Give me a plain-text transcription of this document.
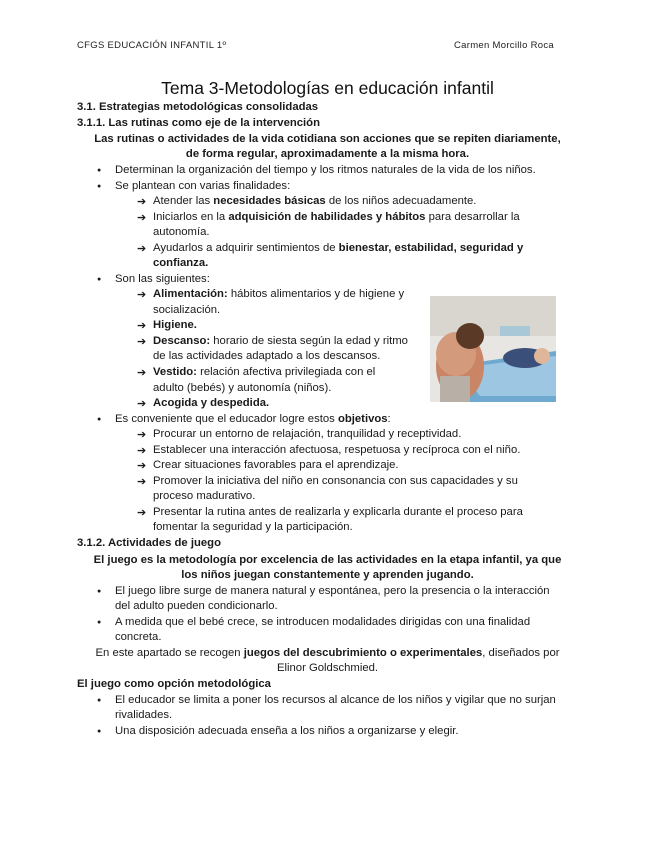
CFGS EDUCACIÓN INFANTIL 1º	Carmen Morcillo Roca
Tema 3-Metodologías en educación infantil
3.1. Estrategias metodológicas consolidadas
3.1.1. Las rutinas como eje de la intervención
Las rutinas o actividades de la vida cotidiana son acciones que se repiten diariamente,
de forma regular, aproximadamente a la misma hora.
● Determinan la organización del tiempo y los ritmos naturales de la vida de los niños.
● Se plantean con varias finalidades:
➔ Atender las necesidades básicas de los niños adecuadamente.
➔ Iniciarlos en la adquisición de habilidades y hábitos para desarrollar la
autonomía.
➔ Ayudarlos a adquirir sentimientos de bienestar, estabilidad, seguridad y
confianza.
● Son las siguientes:
➔ Alimentación: hábitos alimentarios y de higiene y
socialización.
➔ Higiene.
➔ Descanso: horario de siesta según la edad y ritmo
de las actividades adaptado a los descansos.
➔ Vestido: relación afectiva privilegiada con el
adulto (bebés) y autonomía (niños).
➔ Acogida y despedida.
● Es conveniente que el educador logre estos objetivos:
➔ Procurar un entorno de relajación, tranquilidad y receptividad.
➔ Establecer una interacción afectuosa, respetuosa y recíproca con el niño.
➔ Crear situaciones favorables para el aprendizaje.
➔ Promover la iniciativa del niño en consonancia con sus capacidades y su
proceso madurativo.
➔ Presentar la rutina antes de realizarla y explicarla durante el proceso para
fomentar la seguridad y la participación.
3.1.2. Actividades de juego
El juego es la metodología por excelencia de las actividades en la etapa infantil, ya que
los niños juegan constantemente y aprenden jugando.
● El juego libre surge de manera natural y espontánea, pero la presencia o la interacción
del adulto pueden condicionarlo.
● A medida que el bebé crece, se introducen modalidades dirigidas con una finalidad
concreta.
En este apartado se recogen juegos del descubrimiento o experimentales, diseñados por
Elinor Goldschmied.
El juego como opción metodológica
● El educador se limita a poner los recursos al alcance de los niños y vigilar que no surjan
rivalidades.
● Una disposición adecuada enseña a los niños a organizarse y elegir.
